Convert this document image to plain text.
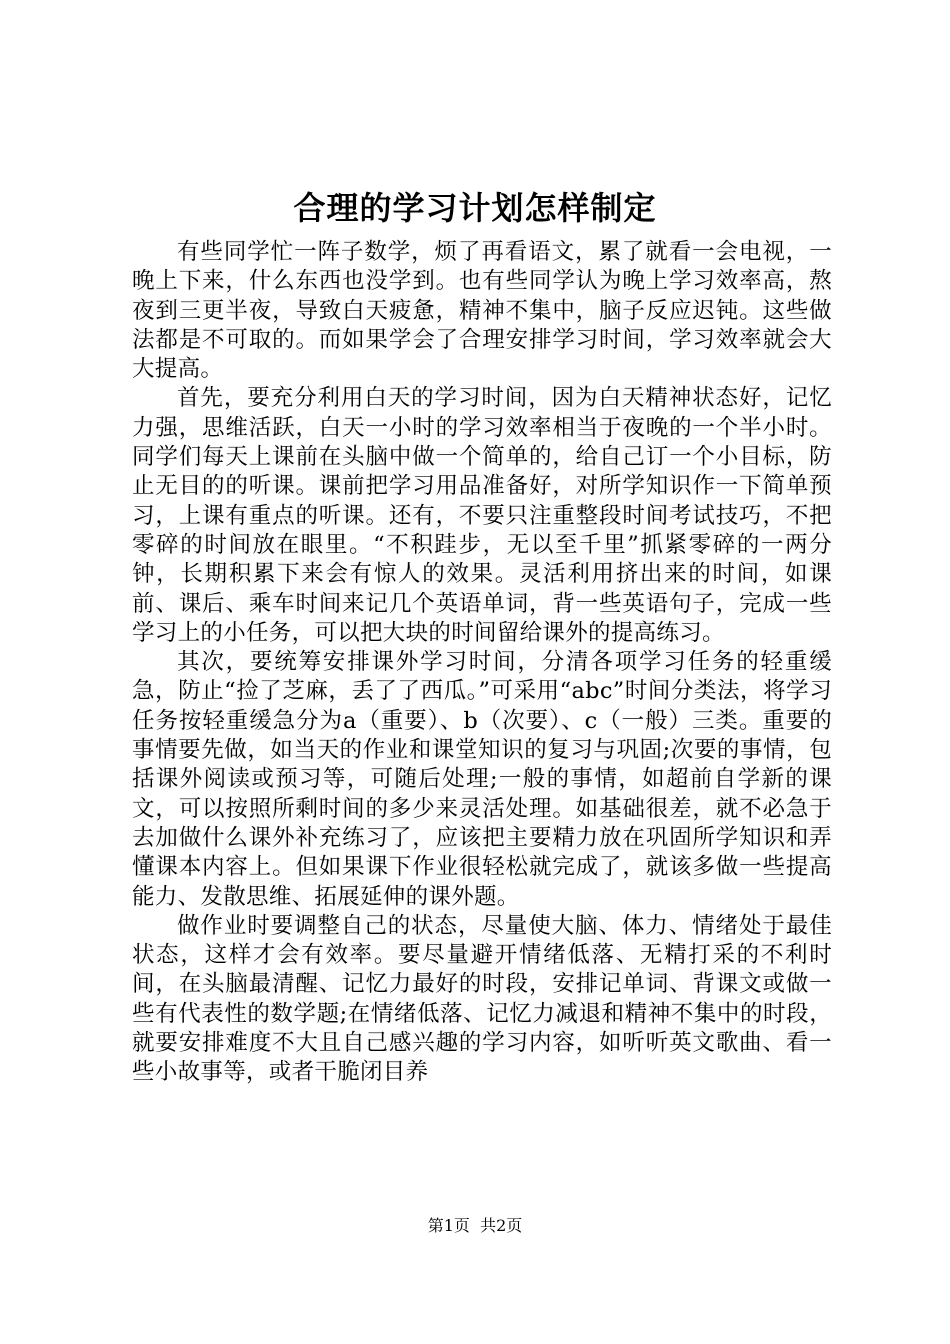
合理的学习计划怎样制定

有些同学忙一阵子数学，烦了再看语文，累了就看一会电视，一晚上下来，什么东西也没学到。也有些同学认为晚上学习效率高，熬夜到三更半夜，导致白天疲惫，精神不集中，脑子反应迟钝。这些做法都是不可取的。而如果学会了合理安排学习时间，学习效率就会大大提高。

首先，要充分利用白天的学习时间，因为白天精神状态好，记忆力强，思维活跃，白天一小时的学习效率相当于夜晚的一个半小时。同学们每天上课前在头脑中做一个简单的，给自己订一个小目标，防止无目的的听课。课前把学习用品准备好，对所学知识作一下简单预习，上课有重点的听课。还有，不要只注重整段时间考试技巧，不把零碎的时间放在眼里。“不积跬步，无以至千里”抓紧零碎的一两分钟，长期积累下来会有惊人的效果。灵活利用挤出来的时间，如课前、课后、乘车时间来记几个英语单词，背一些英语句子，完成一些学习上的小任务，可以把大块的时间留给课外的提高练习。

其次，要统筹安排课外学习时间，分清各项学习任务的轻重缓急，防止“捡了芝麻，丢了了西瓜。”可采用“abc”时间分类法，将学习任务按轻重缓急分为a（重要）、b（次要）、c（一般）三类。重要的事情要先做，如当天的作业和课堂知识的复习与巩固;次要的事情，包括课外阅读或预习等，可随后处理;一般的事情，如超前自学新的课文，可以按照所剩时间的多少来灵活处理。如基础很差，就不必急于去加做什么课外补充练习了，应该把主要精力放在巩固所学知识和弄懂课本内容上。但如果课下作业很轻松就完成了，就该多做一些提高能力、发散思维、拓展延伸的课外题。

做作业时要调整自己的状态，尽量使大脑、体力、情绪处于最佳状态，这样才会有效率。要尽量避开情绪低落、无精打采的不利时间，在头脑最清醒、记忆力最好的时段，安排记单词、背课文或做一些有代表性的数学题;在情绪低落、记忆力减退和精神不集中的时段，就要安排难度不大且自己感兴趣的学习内容，如听听英文歌曲、看一些小故事等，或者干脆闭目养

第1页  共2页
